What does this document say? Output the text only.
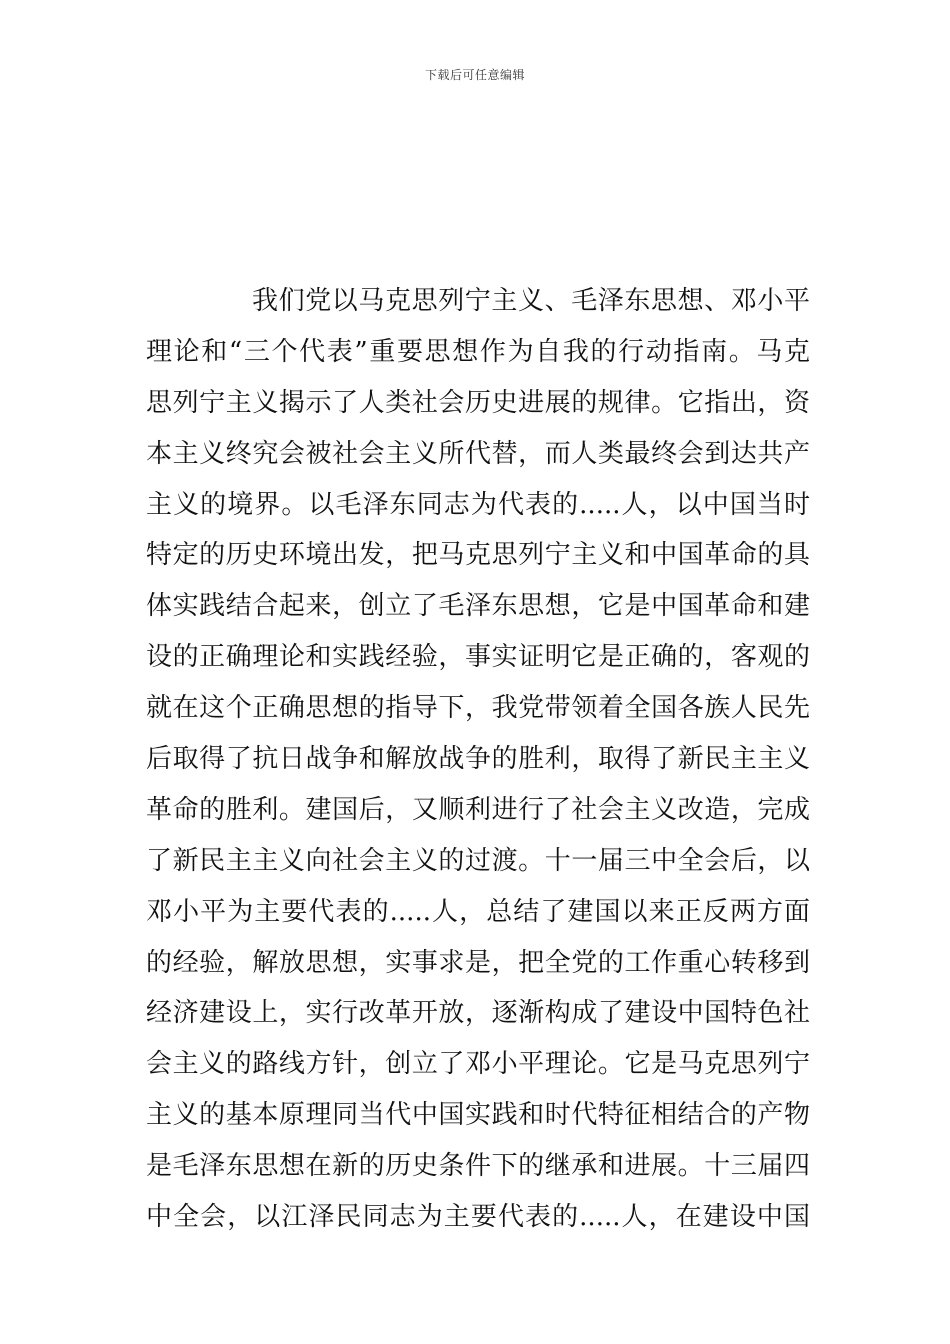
下载后可任意编辑
我们党以马克思列宁主义、毛泽东思想、邓小平
理论和“三个代表”重要思想作为自我的行动指南。马克
思列宁主义揭示了人类社会历史进展的规律。它指出，资
本主义终究会被社会主义所代替，而人类最终会到达共产
主义的境界。以毛泽东同志为代表的.....人，以中国当时
特定的历史环境出发，把马克思列宁主义和中国革命的具
体实践结合起来，创立了毛泽东思想，它是中国革命和建
设的正确理论和实践经验，事实证明它是正确的，客观的
就在这个正确思想的指导下，我党带领着全国各族人民先
后取得了抗日战争和解放战争的胜利，取得了新民主主义
革命的胜利。建国后，又顺利进行了社会主义改造，完成
了新民主主义向社会主义的过渡。十一届三中全会后，以
邓小平为主要代表的.....人，总结了建国以来正反两方面
的经验，解放思想，实事求是，把全党的工作重心转移到
经济建设上，实行改革开放，逐渐构成了建设中国特色社
会主义的路线方针，创立了邓小平理论。它是马克思列宁
主义的基本原理同当代中国实践和时代特征相结合的产物
是毛泽东思想在新的历史条件下的继承和进展。十三届四
中全会，以江泽民同志为主要代表的.....人，在建设中国
